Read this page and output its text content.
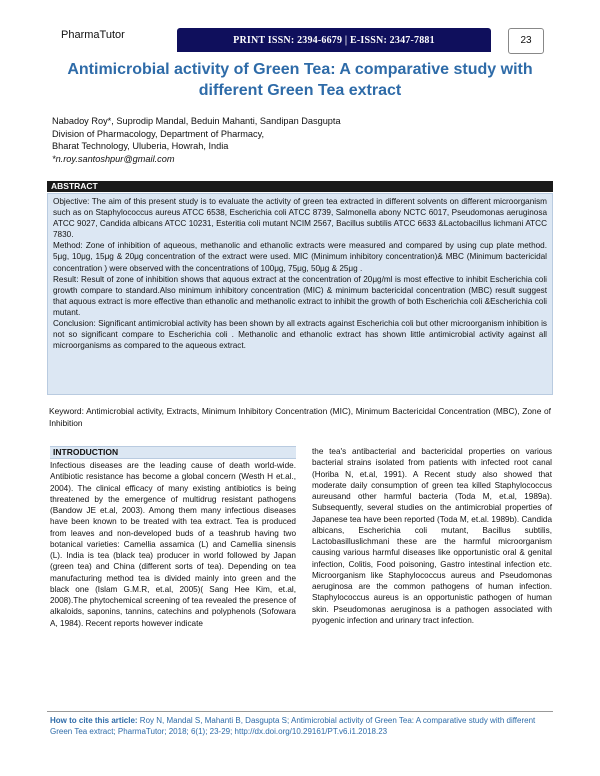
PharmaTutor	PRINT ISSN: 2394-6679 | E-ISSN: 2347-7881	23
Antimicrobial activity of Green Tea: A comparative study with different Green Tea extract
Nabadoy Roy*, Suprodip Mandal, Beduin Mahanti, Sandipan Dasgupta
Division of Pharmacology, Department of Pharmacy,
Bharat Technology, Uluberia, Howrah, India
*n.roy.santoshpur@gmail.com
ABSTRACT

Objective: The aim of this present study is to evaluate the activity of green tea extracted in different solvents on different microorganism such as on Staphylococcus aureus ATCC 6538, Escherichia coli ATCC 8739, Salmonella abony NCTC 6017, Pseudomonas aeruginosa ATCC 9027, Candida albicans ATCC 10231, Esteritia coli mutant NCIM 2567, Bacillus subtilis ATCC 6633 &Lactobacillus lichmani ATCC 7830.

Method: Zone of inhibition of aqueous, methanolic and ethanolic extracts were measured and compared by using cup plate method. 5μg, 10μg, 15μg & 20μg concentration of the extract were used. MIC (Minimum inhibitory concentration)& MBC (Minimum bactericidal concentration ) were observed with the concentrations of 100μg, 75μg, 50μg & 25μg .

Result: Result of zone of inhibition shows that aquous extract at the concentration of 20μg/ml is most effective to inhibit Escherichia coli growth compare to standard.Also minimum inhibitory concentration (MIC) & minimum bactericidal concentration (MBC) result suggest that aquous extract is more effective than ethanolic and methanolic extract to inhibit the growth of both Escherichia coli &Escherichia coli mutant.

Conclusion: Significant antimicrobial activity has been shown by all extracts against Escherichia coli but other microorganism inhibition is not so significant compare to Escherichia coli . Methanolic and ethanolic extract has shown little antimicrobial activity against all microorganisms as compared to the aqueous extract.

Keyword: Antimicrobial activity, Extracts, Minimum Inhibitory Concentration (MIC), Minimum Bactericidal Concentration (MBC), Zone of Inhibition
INTRODUCTION

Infectious diseases are the leading cause of death world-wide. Antibiotic resistance has become a global concern (Westh H et.al., 2004). The clinical efficacy of many existing antibiotics is being threatened by the emergence of multidrug resistant pathogens (Bandow JE et.al, 2003). Among them many infectious diseases have been known to be treated with tea extract. Tea is produced from leaves and non-developed buds of a teashrub having two botanical varieties: Camellia assamica (L) and Camellia sinensis (L). India is tea (black tea) producer in world followed by Japan (green tea) and China (different sorts of tea). Depending on tea manufacturing method tea is divided mainly into green and the black one (Islam G.M.R, et.al, 2005)( Sang Hee Kim, et.al, 2008).The phytochemical screening of tea revealed the presence of alkaloids, saponins, tannins, catechins and polyphenols (Sofowara A, 1984). Recent reports however indicate

the tea's antibacterial and bactericidal properties on various bacterial strains isolated from patients with infected root canal (Horiba N, et.al, 1991). A Recent study also showed that moderate daily consumption of green tea killed Staphylococcus aureusand other harmful bacteria (Toda M, et.al, 1989a). Subsequently, several studies on the antimicrobial properties of Japanese tea have been reported (Toda M, et.al. 1989b). Candida albicans, Escherichia coli mutant, Bacillus subtilis, Lactobasilluslichmani these are the harmful microorganism causing various harmful diseases like opportunistic oral & genital infection, Colitis, Food poisoning, Gastro intestinal infection etc. Microorganism like Staphylococcus aureus and Pseudomonas aeruginosa are the common pathogens of human infection. Staphylococcus aureus is an opportunistic pathogen of human skin. Pseudomonas aeruginosa is a pathogen associated with pyogenic infection and urinary tract infection.

How to cite this article: Roy N, Mandal S, Mahanti B, Dasgupta S; Antimicrobial activity of Green Tea: A comparative study with different Green Tea extract; PharmaTutor; 2018; 6(1); 23-29; http://dx.doi.org/10.29161/PT.v6.i1.2018.23
